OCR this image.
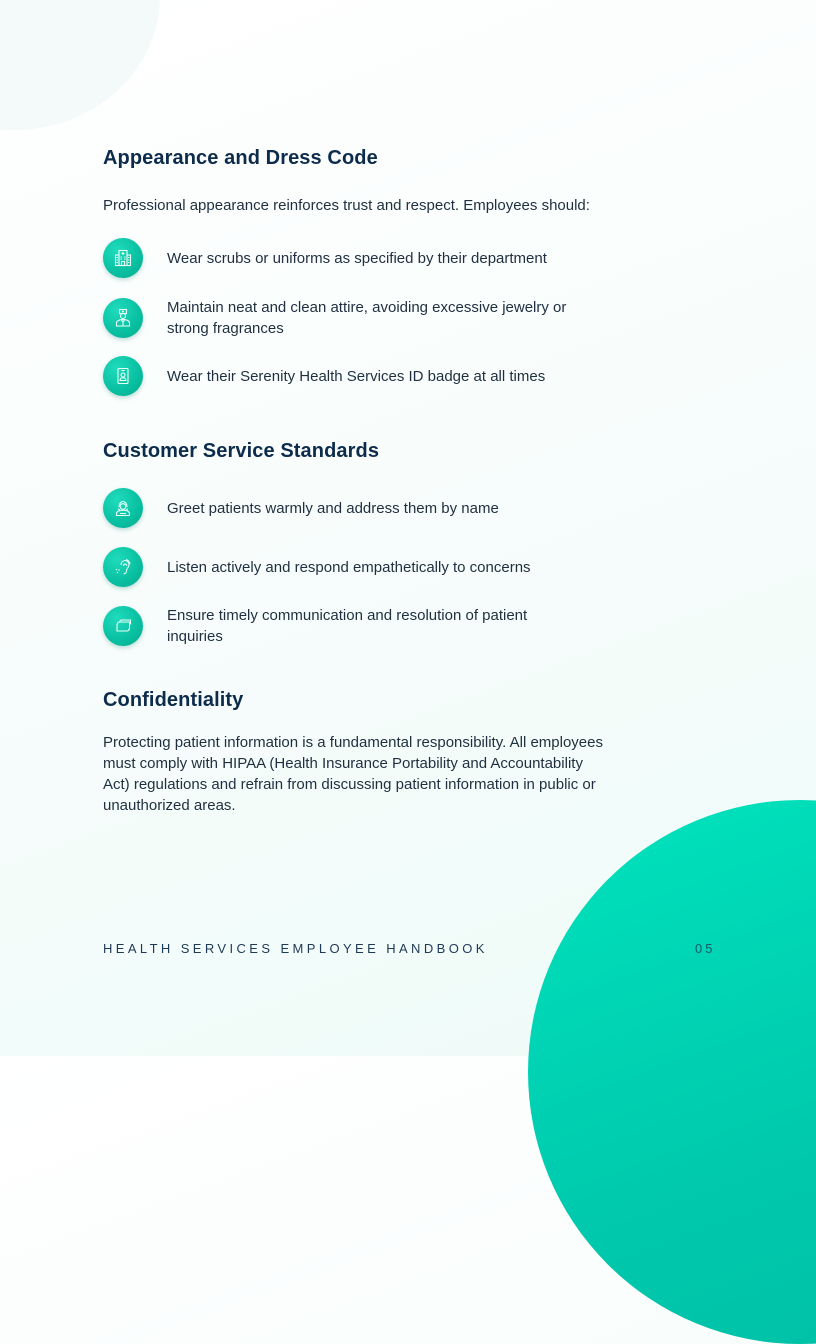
Appearance and Dress Code

Professional appearance reinforces trust and respect. Employees should:

Wear scrubs or uniforms as specified by their department
Maintain neat and clean attire, avoiding excessive jewelry or strong fragrances
Wear their Serenity Health Services ID badge at all times
Customer Service Standards
Greet patients warmly and address them by name
Listen actively and respond empathetically to concerns
Ensure timely communication and resolution of patient inquiries
Confidentiality

Protecting patient information is a fundamental responsibility. All employees must comply with HIPAA (Health Insurance Portability and Accountability Act) regulations and refrain from discussing patient information in public or unauthorized areas.

HEALTH SERVICES EMPLOYEE HANDBOOK	05
